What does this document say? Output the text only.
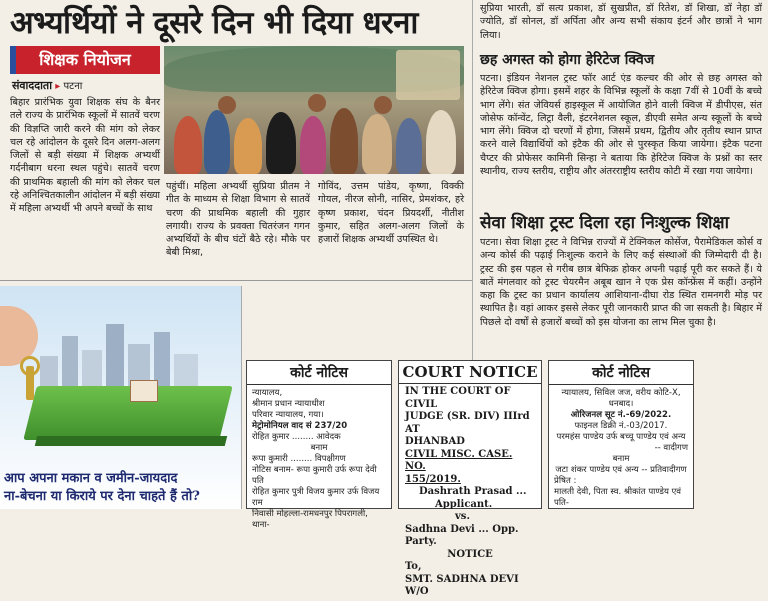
अभ्यर्थियों ने दूसरे दिन भी दिया धरना
शिक्षक नियोजन
संवाददाता ▸ पटना
बिहार प्रारंभिक युवा शिक्षक संघ के बैनर तले राज्य के प्रारंभिक स्कूलों में सातवें चरण की विज्ञप्ति जारी करने की मांग को लेकर चल रहे आंदोलन के दूसरे दिन अलग-अलग जिलों से बड़ी संख्या में शिक्षक अभ्यर्थी गर्दनीबाग धरना स्थल पहुंचे। सातवें चरण की प्राथमिक बहाली की मांग को लेकर चल रहे अनिश्चितकालीन आंदोलन में बड़ी संख्या में महिला अभ्यर्थी भी अपने बच्चों के साथ
पहुंचीं। महिला अभ्यर्थी सुप्रिया प्रीतम ने गीत के माध्यम से शिक्षा विभाग से सातवें चरण की प्राथमिक बहाली की गुहार लगायी। राज्य के प्रवक्ता चितरंजन गगन अभ्यर्थियों के बीच घंटों बैठे रहे। मौके पर बेबी मिश्रा,
गोविंद, उत्तम पांडेय, कृष्णा, विक्की गोयल, नीरज सोनी, नासिर, प्रेमशंकर, हरे कृष्ण प्रकाश, चंदन प्रियदर्शी, नीतीश कुमार, सहित अलग-अलग जिलों के हजारों शिक्षक अभ्यर्थी उपस्थित थे।
सुप्रिया भारती, डॉ सत्य प्रकाश, डॉ सुखप्रीत, डॉ रितेश, डॉ शिखा, डॉ नेहा डॉ ज्योति, डॉ सोनल, डॉ अर्पिता और अन्य सभी संकाय इंटर्न और छात्रों ने भाग लिया।
छह अगस्त को होगा हेरिटेज क्विज
पटना। इंडियन नेशनल ट्रस्ट फॉर आर्ट एंड कल्चर की ओर से छह अगस्त को हेरिटेज क्विज होगा। इसमें शहर के विभिन्न स्कूलों के कक्षा 7वीं से 10वीं के बच्चे भाग लेंगे। संत जेवियर्स हाइस्कूल में आयोजित होने वाली क्विज में डीपीएस, संत जोसेफ कॉन्वेंट, लिट्रा वैली, इंटरनेशनल स्कूल, डीएवी समेत अन्य स्कूलों के बच्चे भाग लेंगे। क्विज दो चरणों में होगा, जिसमें प्रथम, द्वितीय और तृतीय स्थान प्राप्त करने वाले विद्यार्थियों को इंटैक की ओर से पुरस्कृत किया जायेगा। इंटैक पटना चैप्टर की प्रोफेसर कामिनी सिन्हा ने बताया कि हेरिटेज क्विज के प्रश्नों का स्तर स्थानीय, राज्य स्तरीय, राष्ट्रीय और अंतरराष्ट्रीय स्तरीय कोटी में रखा गया जायेगा।
सेवा शिक्षा ट्रस्ट दिला रहा निःशुल्क शिक्षा
पटना। सेवा शिक्षा ट्रस्ट ने विभिन्न राज्यों में टेक्निकल कोर्सेज, पैरामेडिकल कोर्स व अन्य कोर्स की पढ़ाई निःशुल्क कराने के लिए कई संस्थाओं की जिम्मेदारी दी है। ट्रस्ट की इस पहल से गरीब छात्र बेफिक्र होकर अपनी पढ़ाई पूरी कर सकते हैं। ये बातें मंगलवार को ट्रस्ट चेयरमैन अबूब खान ने एक प्रेस कॉन्फ्रेंस में कहीं। उन्होंने कहा कि ट्रस्ट का प्रधान कार्यालय आशियाना-दीघा रोड स्थित रामनगरी मोड़ पर स्थापित है। वहां आकर इससे लेकर पूरी जानकारी प्राप्त की जा सकती है। बिहार में पिछले दो वर्षों से हजारों बच्चों को इस योजना का लाभ मिल चुका है।
आप अपना मकान व जमीन-जायदाद
ना-बेचना या किराये पर देना चाहते हैं तो?
कोर्ट नोटिस
न्यायालय,
श्रीमान प्रधान न्यायाधीश
परिवार न्यायालय, गया।
मेट्रोमोनियल वाद सं 237/20
रोहित कुमार ........ आवेदक
बनाम
रूपा कुमारी ........ विपक्षीगण
नोटिस बनाम- रूपा कुमारी उर्फ रूपा देवी पति
रोहित कुमार पुत्री विजय कुमार उर्फ विजय राम
निवासी मोहल्ला-रामधनपुर पिपरागली, थाना-
COURT NOTICE
IN THE COURT OF CIVIL
JUDGE (SR. DIV) IIIrd AT
DHANBAD
CIVIL MISC. CASE. NO.
155/2019.
Dashrath Prasad ...
Applicant.
vs.
Sadhna Devi ... Opp. Party.
NOTICE
To,
SMT. SADHNA DEVI W/O
कोर्ट नोटिस
न्यायालय, सिविल जज, वरीय कोटि-X,
धनबाद।
ओरिजनल सूट नं.-69/2022.
फाइनल डिक्री नं.-03/2017.
परमहंस पाण्डेय उर्फ बच्चू पाण्डेय एवं अन्य
-- वादीगण
बनाम
जटा शंकर पाण्डेय एवं अन्य -- प्रतिवादीगण
प्रेषित :
मालती देवी, पिता स्व. श्रीकांत पाण्डेय एवं पति-
